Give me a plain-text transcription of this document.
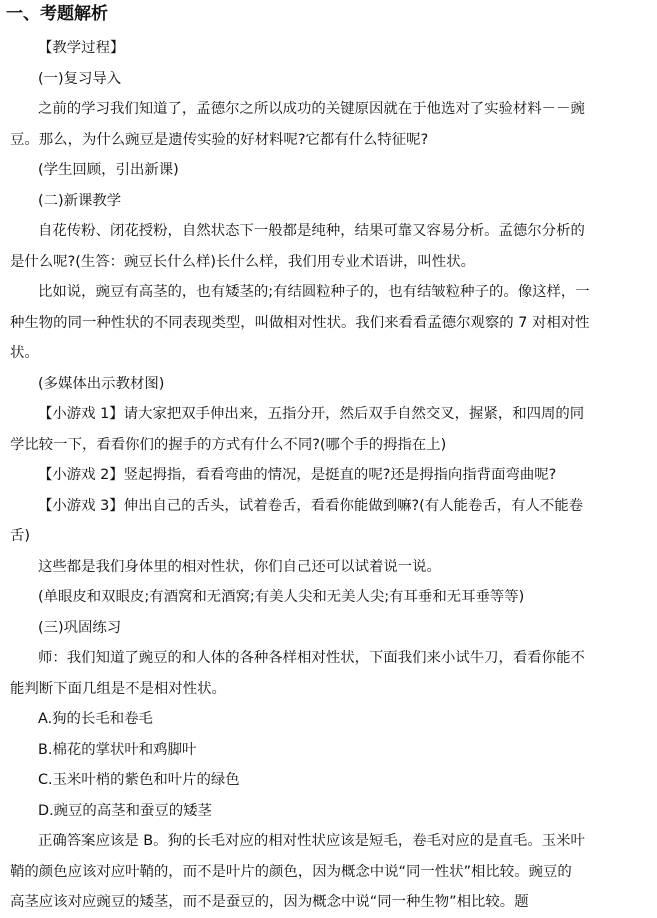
一、考题解析
【教学过程】
(一)复习导入
之前的学习我们知道了，孟德尔之所以成功的关键原因就在于他选对了实验材料－－豌
豆。那么，为什么豌豆是遗传实验的好材料呢?它都有什么特征呢?
(学生回顾，引出新课)
(二)新课教学
自花传粉、闭花授粉，自然状态下一般都是纯种，结果可靠又容易分析。孟德尔分析的
是什么呢?(生答：豌豆长什么样)长什么样，我们用专业术语讲，叫性状。
比如说，豌豆有高茎的，也有矮茎的;有结圆粒种子的，也有结皱粒种子的。像这样，一
种生物的同一种性状的不同表现类型，叫做相对性状。我们来看看孟德尔观察的 7 对相对性
状。
(多媒体出示教材图)
【小游戏 1】请大家把双手伸出来，五指分开，然后双手自然交叉，握紧，和四周的同
学比较一下，看看你们的握手的方式有什么不同?(哪个手的拇指在上)
【小游戏 2】竖起拇指，看看弯曲的情况，是挺直的呢?还是拇指向指背面弯曲呢?
【小游戏 3】伸出自己的舌头，试着卷舌，看看你能做到嘛?(有人能卷舌，有人不能卷
舌)
这些都是我们身体里的相对性状，你们自己还可以试着说一说。
(单眼皮和双眼皮;有酒窝和无酒窝;有美人尖和无美人尖;有耳垂和无耳垂等等)
(三)巩固练习
师：我们知道了豌豆的和人体的各种各样相对性状，下面我们来小试牛刀，看看你能不
能判断下面几组是不是相对性状。
A.狗的长毛和卷毛
B.棉花的掌状叶和鸡脚叶
C.玉米叶梢的紫色和叶片的绿色
D.豌豆的高茎和蚕豆的矮茎
正确答案应该是 B。狗的长毛对应的相对性状应该是短毛，卷毛对应的是直毛。玉米叶
鞘的颜色应该对应叶鞘的，而不是叶片的颜色，因为概念中说“同一性状”相比较。豌豆的
高茎应该对应豌豆的矮茎，而不是蚕豆的，因为概念中说“同一种生物”相比较。题
